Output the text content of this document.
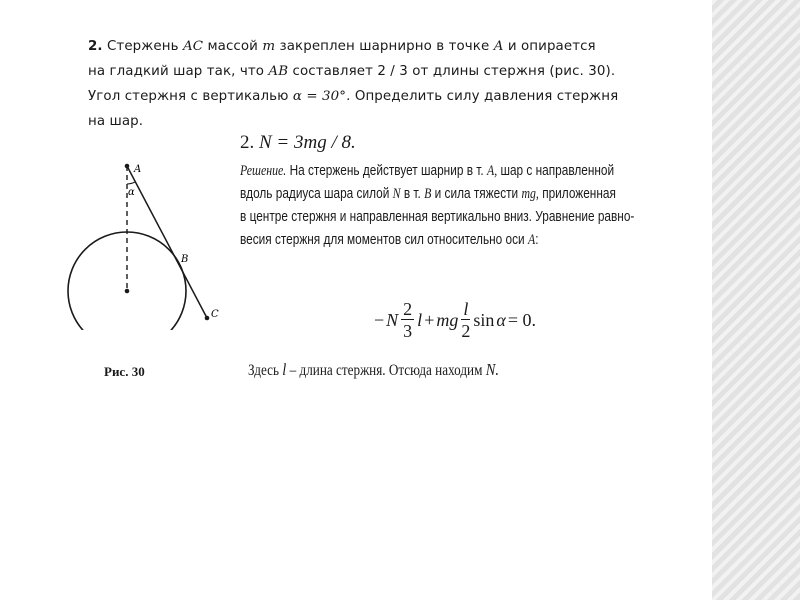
2. Стержень AC массой m закреплен шарнирно в точке A и опирается
на гладкий шар так, что AB составляет 2 / 3 от длины стержня (рис. 30).
Угол стержня с вертикалью α = 30°. Определить силу давления стержня
на шар.
A
α
B
C
Рис. 30
2. N = 3mg / 8.
Решение. На стержень действует шарнир в т. A, шар с направленной
вдоль радиуса шара силой N в т. B и сила тяжести mg, приложенная
в центре стержня и направленная вертикально вниз. Уравнение равно-
весия стержня для моментов сил относительно оси A:
− N $\frac{2}{3}$ l + mg $\frac{l}{2}$ sin α = 0.
Здесь l – длина стержня. Отсюда находим N.
